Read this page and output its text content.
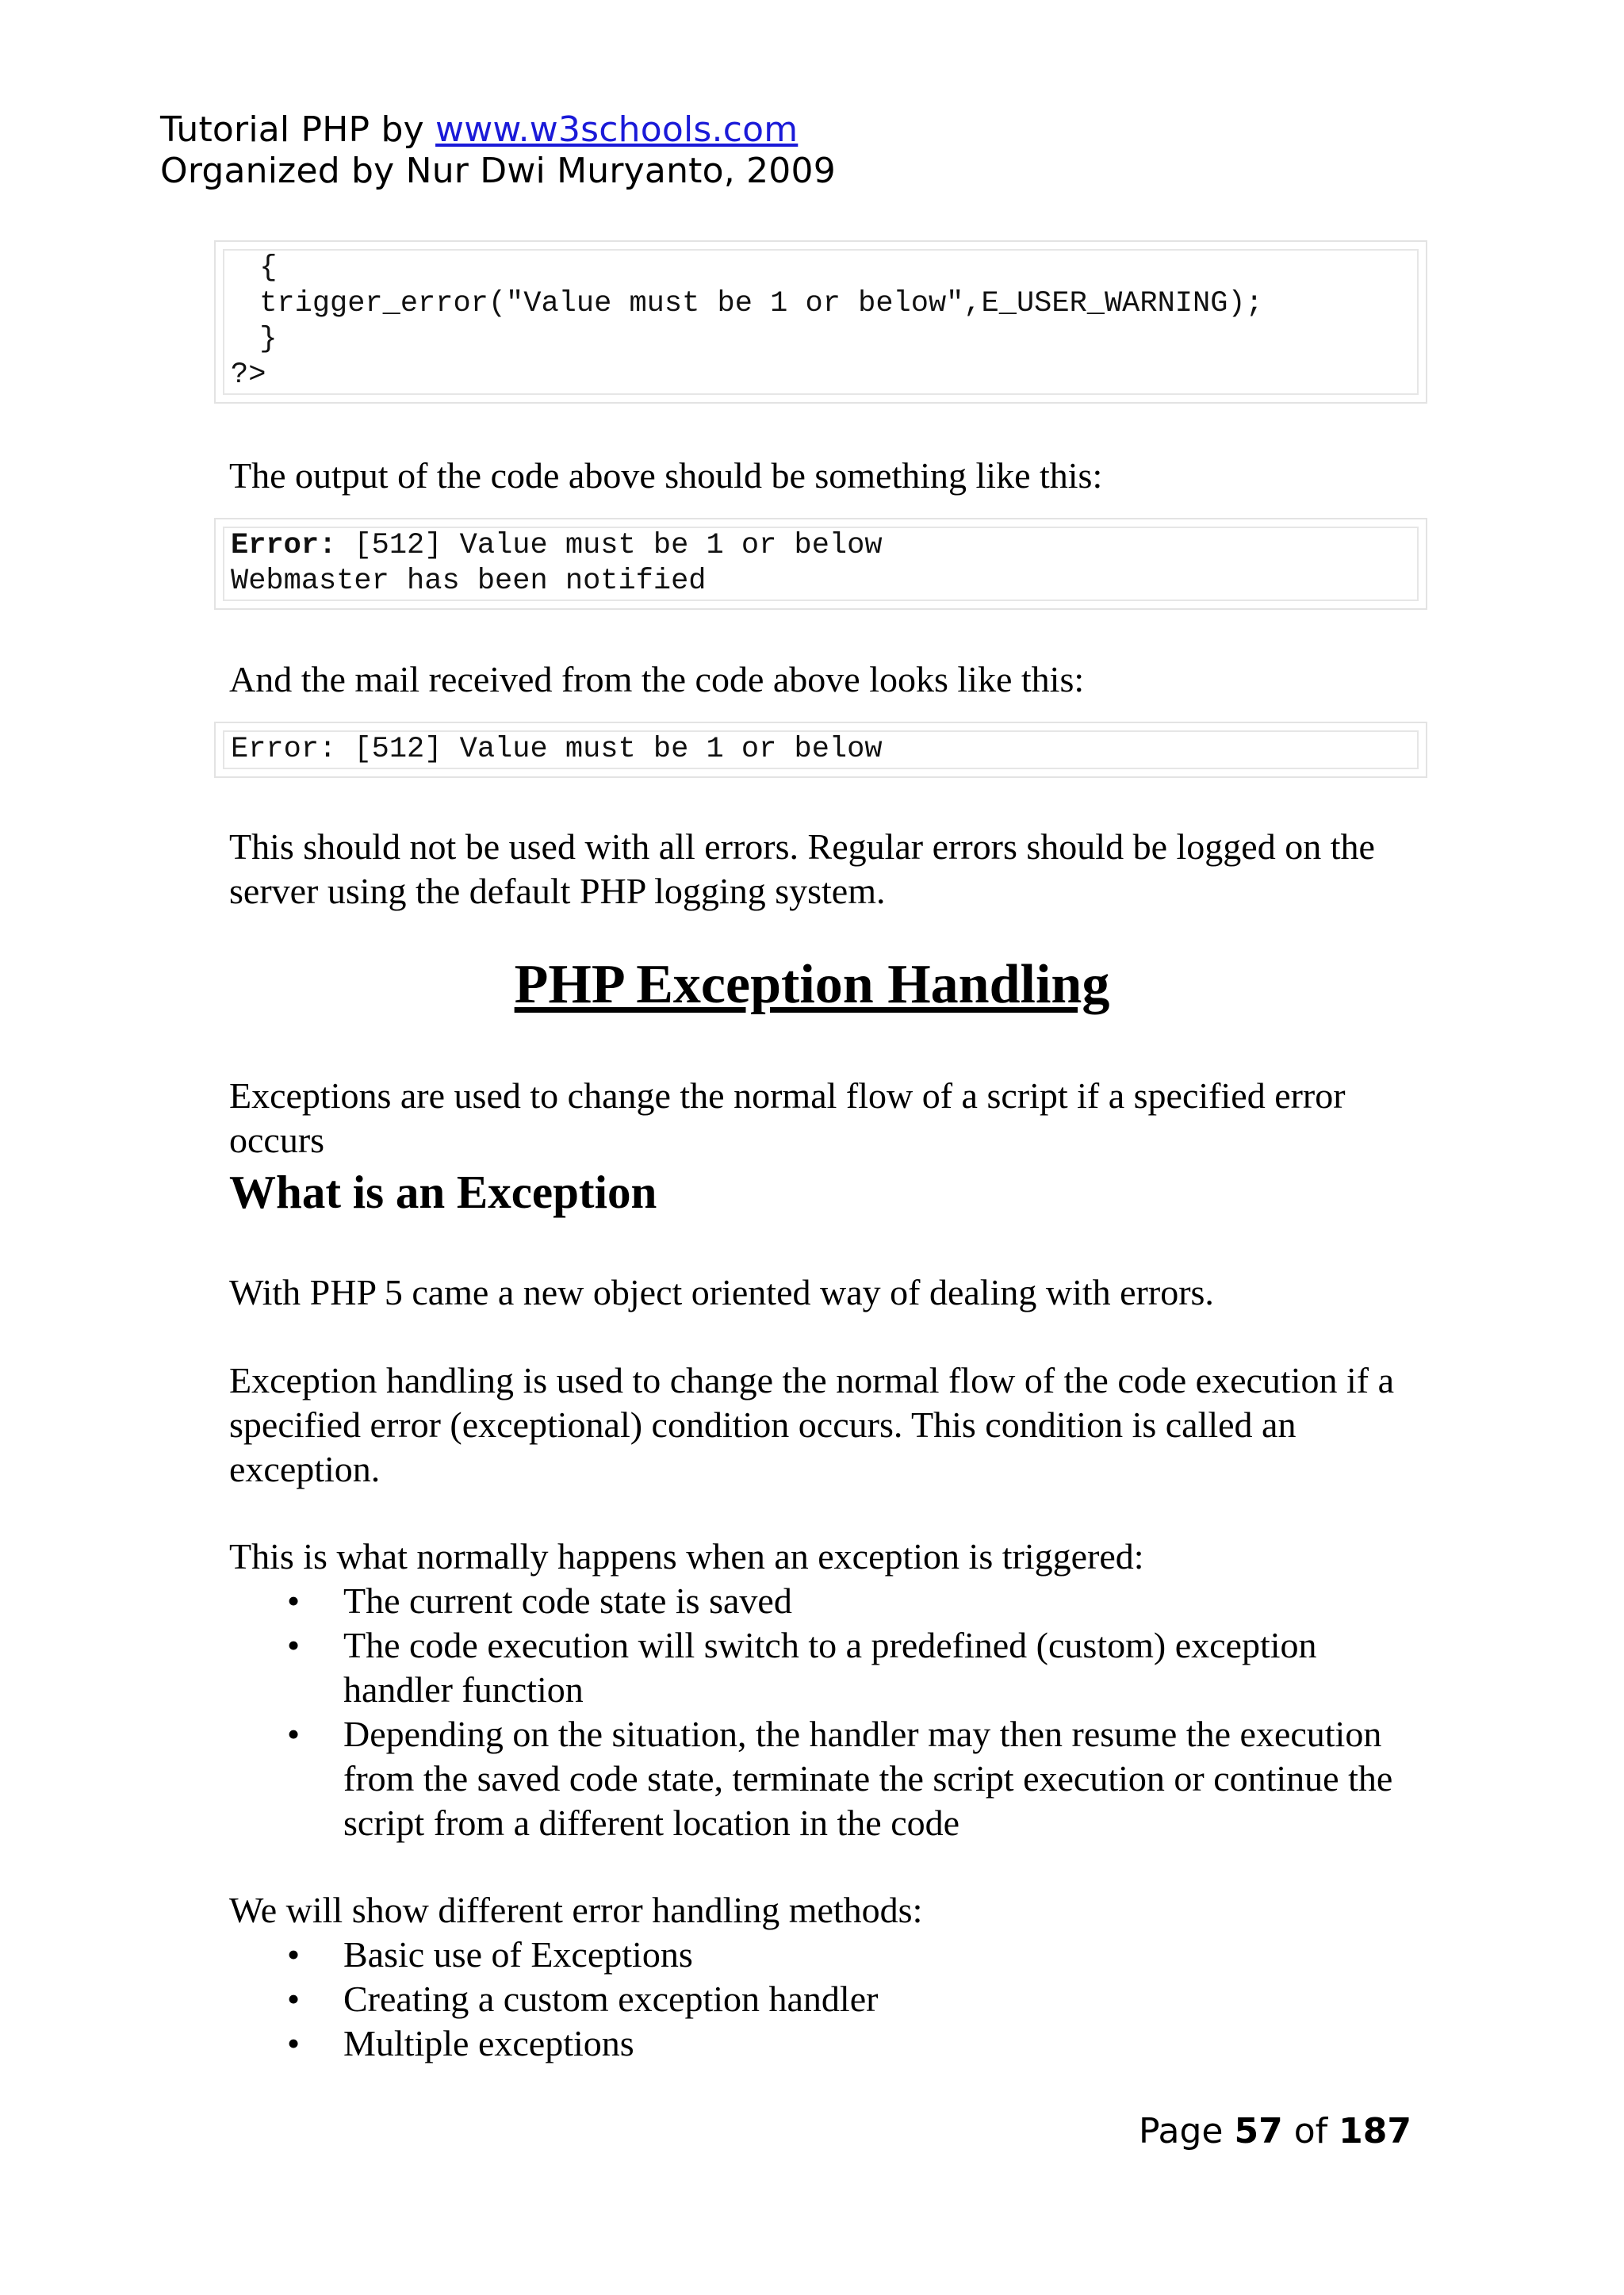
Tutorial PHP by www.w3schools.com
Organized by Nur Dwi Muryanto, 2009
{
trigger_error("Value must be 1 or below",E_USER_WARNING);
}
?>

The output of the code above should be something like this:

Error: [512] Value must be 1 or below
Webmaster has been notified

And the mail received from the code above looks like this:

Error: [512] Value must be 1 or below

This should not be used with all errors. Regular errors should be logged on the server using the default PHP logging system.

PHP Exception Handling

Exceptions are used to change the normal flow of a script if a specified error occurs

What is an Exception

With PHP 5 came a new object oriented way of dealing with errors.

Exception handling is used to change the normal flow of the code execution if a specified error (exceptional) condition occurs. This condition is called an exception.

This is what normally happens when an exception is triggered:

• The current code state is saved
• The code execution will switch to a predefined (custom) exception handler function
• Depending on the situation, the handler may then resume the execution from the saved code state, terminate the script execution or continue the script from a different location in the code

We will show different error handling methods:

• Basic use of Exceptions
• Creating a custom exception handler
• Multiple exceptions
Page 57 of 187
